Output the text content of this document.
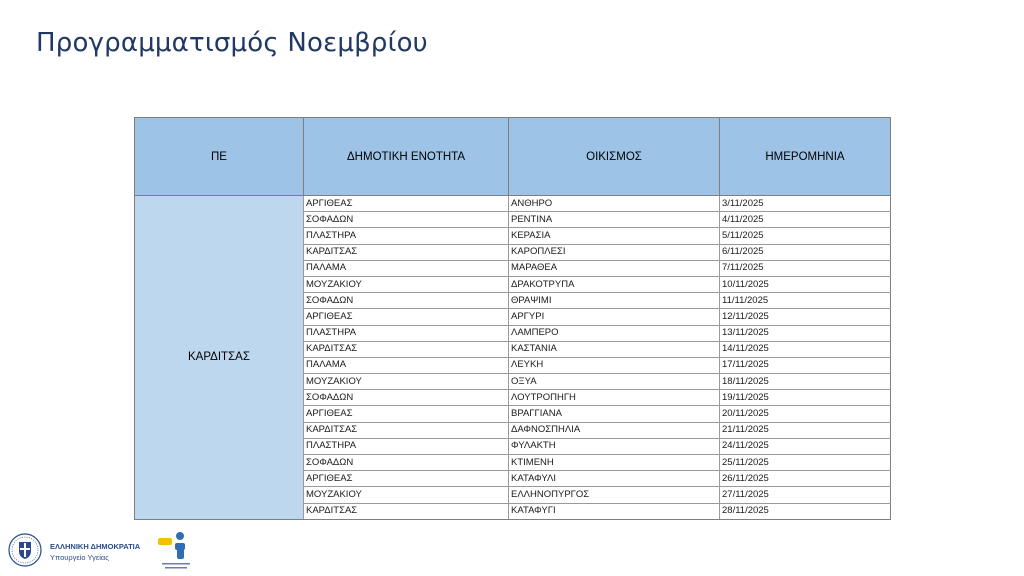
Προγραμματισμός Νοεμβρίου
ΠΕ	ΔΗΜΟΤΙΚΗ ΕΝΟΤΗΤΑ	ΟΙΚΙΣΜΟΣ	ΗΜΕΡΟΜΗΝΙΑ
ΚΑΡΔΙΤΣΑΣ	ΑΡΓΙΘΕΑΣ	ΑΝΘΗΡΟ	3/11/2025
	ΣΟΦΑΔΩΝ	ΡΕΝΤΙΝΑ	4/11/2025
	ΠΛΑΣΤΗΡΑ	ΚΕΡΑΣΙΑ	5/11/2025
	ΚΑΡΔΙΤΣΑΣ	ΚΑΡΟΠΛΕΣΙ	6/11/2025
	ΠΑΛΑΜΑ	ΜΑΡΑΘΕΑ	7/11/2025
	ΜΟΥΖΑΚΙΟΥ	ΔΡΑΚΟΤΡΥΠΑ	10/11/2025
	ΣΟΦΑΔΩΝ	ΘΡΑΨΙΜΙ	11/11/2025
	ΑΡΓΙΘΕΑΣ	ΑΡΓΥΡΙ	12/11/2025
	ΠΛΑΣΤΗΡΑ	ΛΑΜΠΕΡΟ	13/11/2025
	ΚΑΡΔΙΤΣΑΣ	ΚΑΣΤΑΝΙΑ	14/11/2025
	ΠΑΛΑΜΑ	ΛΕΥΚΗ	17/11/2025
	ΜΟΥΖΑΚΙΟΥ	ΟΞΥΑ	18/11/2025
	ΣΟΦΑΔΩΝ	ΛΟΥΤΡΟΠΗΓΗ	19/11/2025
	ΑΡΓΙΘΕΑΣ	ΒΡΑΓΓΙΑΝΑ	20/11/2025
	ΚΑΡΔΙΤΣΑΣ	ΔΑΦΝΟΣΠΗΛΙΑ	21/11/2025
	ΠΛΑΣΤΗΡΑ	ΦΥΛΑΚΤΗ	24/11/2025
	ΣΟΦΑΔΩΝ	ΚΤΙΜΕΝΗ	25/11/2025
	ΑΡΓΙΘΕΑΣ	ΚΑΤΑΦΥΛΙ	26/11/2025
	ΜΟΥΖΑΚΙΟΥ	ΕΛΛΗΝΟΠΥΡΓΟΣ	27/11/2025
	ΚΑΡΔΙΤΣΑΣ	ΚΑΤΑΦΥΓΙ	28/11/2025
ΕΛΛΗΝΙΚΗ ΔΗΜΟΚΡΑΤΙΑ
Υπουργείο Υγείας
